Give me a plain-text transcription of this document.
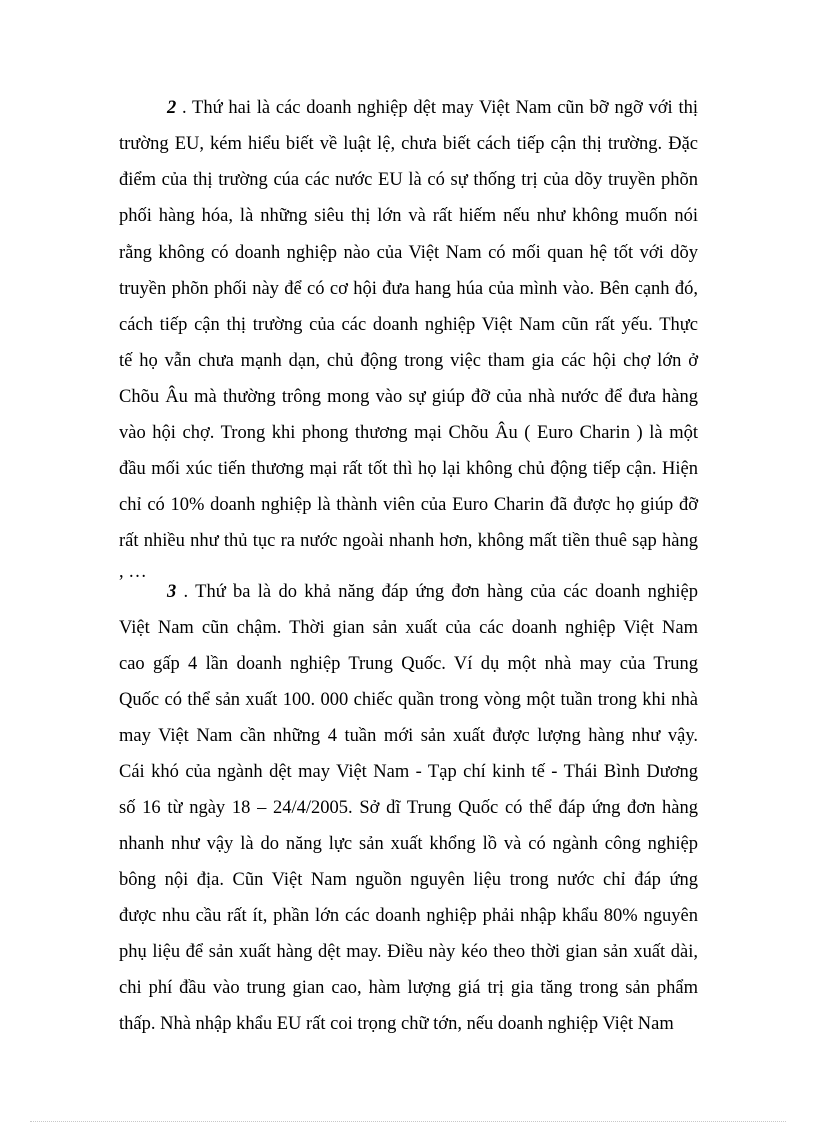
2 . Thứ hai là các doanh nghiệp dệt may Việt Nam cũn bỡ ngỡ với thị
trường EU, kém hiểu biết về luật lệ, chưa biết cách tiếp cận thị trường. Đặc
điểm của thị trường cúa các nước EU là có sự thống trị của dõy truyền phõn
phối hàng hóa, là những siêu thị lớn và rất hiếm nếu như không muốn nói
rằng không có doanh nghiệp nào của Việt Nam có mối quan hệ tốt với dõy
truyền phõn phối này để có cơ hội đưa hang húa của mình vào. Bên cạnh đó,
cách tiếp cận thị trường của các doanh nghiệp Việt Nam cũn rất yếu. Thực
tế họ vẫn chưa mạnh dạn, chủ động trong việc tham gia các hội chợ lớn ở
Chõu Âu mà thường trông mong vào sự giúp đỡ của nhà nước để đưa hàng
vào hội chợ. Trong khi phong thương mại Chõu Âu ( Euro Charin ) là một
đầu mối xúc tiến thương mại rất tốt thì họ lại không chủ động tiếp cận. Hiện
chỉ có 10% doanh nghiệp là thành viên của Euro Charin đã được họ giúp đỡ
rất nhiều như thủ tục ra nước ngoài nhanh hơn, không mất tiền thuê sạp hàng
, …
3 . Thứ ba là do khả năng đáp ứng đơn hàng của các doanh nghiệp
Việt Nam cũn chậm. Thời gian sản xuất của các doanh nghiệp Việt Nam
cao gấp 4 lần doanh nghiệp Trung Quốc. Ví dụ một nhà may của Trung
Quốc có thể sản xuất 100. 000 chiếc quần trong vòng một tuần trong khi nhà
may Việt Nam cần những 4 tuần mới sản xuất được lượng hàng như vậy.
Cái khó của ngành dệt may Việt Nam - Tạp chí kinh tế - Thái Bình Dương
số 16 từ ngày 18 – 24/4/2005. Sở dĩ Trung Quốc có thể đáp ứng đơn hàng
nhanh như vậy là do năng lực sản xuất khổng lồ và có ngành công nghiệp
bông nội địa. Cũn Việt Nam nguồn nguyên liệu trong nước chỉ đáp ứng
được nhu cầu rất ít, phần lớn các doanh nghiệp phải nhập khẩu 80% nguyên
phụ liệu để sản xuất hàng dệt may. Điều này kéo theo thời gian sản xuất dài,
chi phí đầu vào trung gian cao, hàm lượng giá trị gia tăng trong sản phẩm
thấp. Nhà nhập khẩu EU rất coi trọng chữ tớn, nếu doanh nghiệp Việt Nam
